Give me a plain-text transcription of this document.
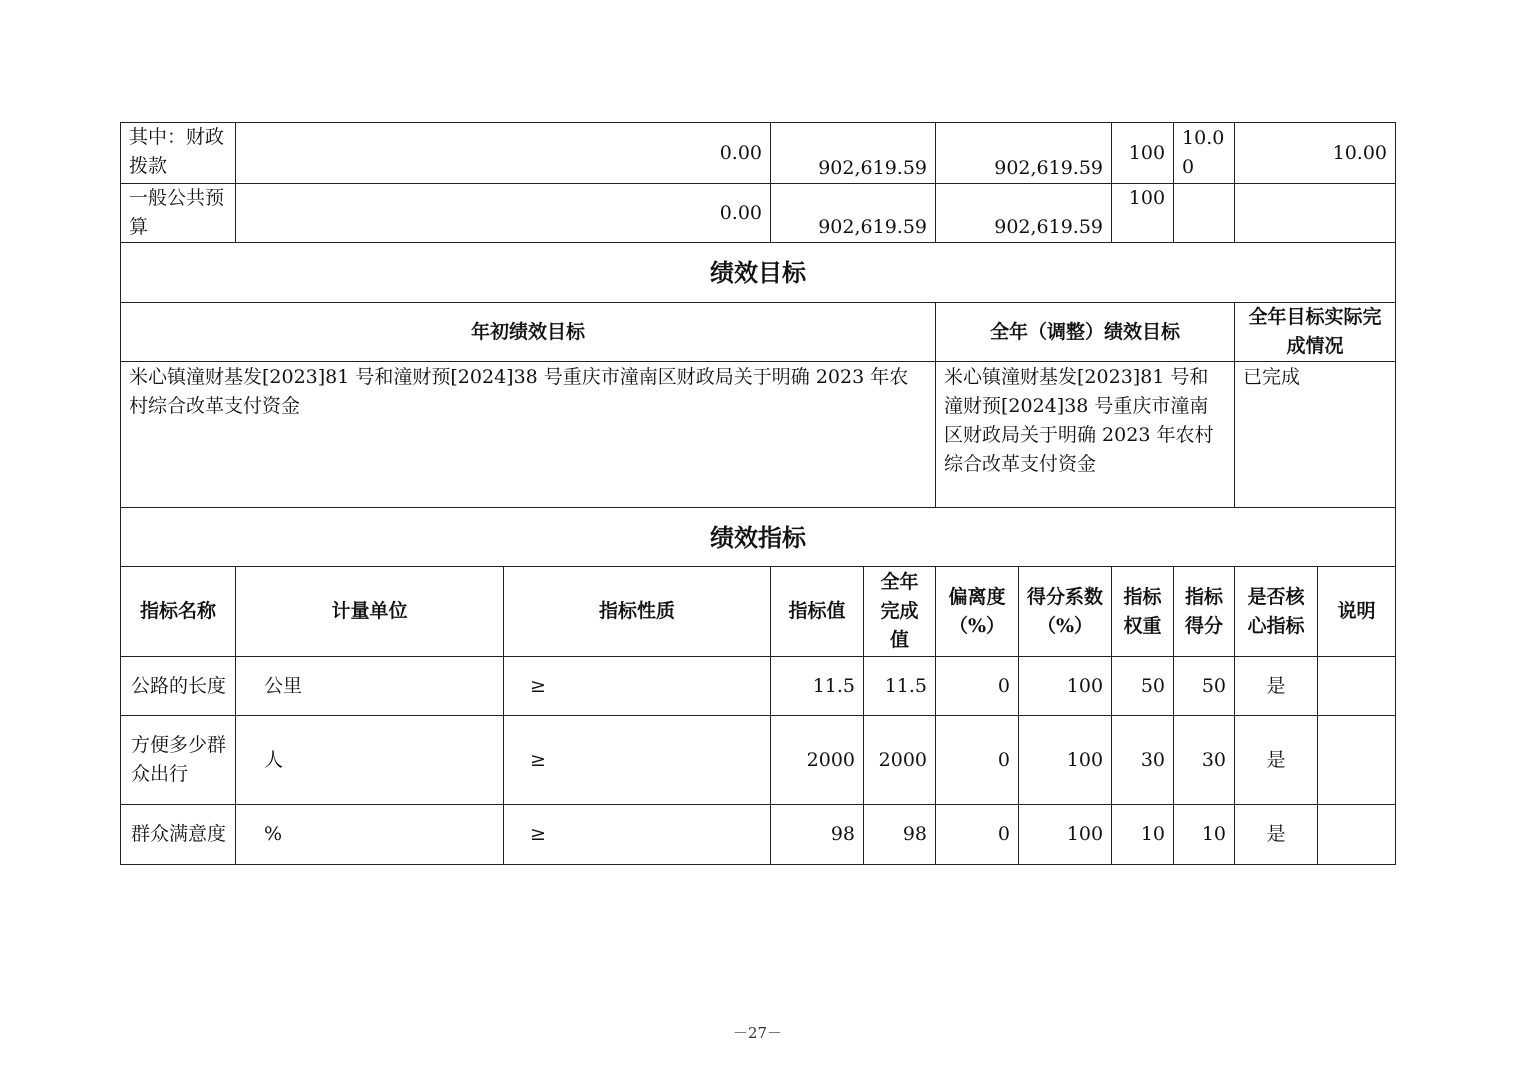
其中：财政拨款	0.00		902,619.59		902,619.59		100	10.00	10.00	
一般公共预算	0.00		902,619.59		902,619.59		100			
绩效目标										
年初绩效目标					全年（调整）绩效目标				全年目标实际完成情况	
米心镇潼财基发[2023]81 号和潼财预[2024]38 号重庆市潼南区财政局关于明确 2023 年农村综合改革支付资金					米心镇潼财基发[2023]81 号和潼财预[2024]38 号重庆市潼南区财政局关于明确 2023 年农村综合改革支付资金				已完成	
绩效指标										
指标名称	计量单位	指标性质	指标值	全年完成值	偏离度（%）	得分系数（%）	指标权重	指标得分	是否核心指标	说明
公路的长度	公里	≥	11.5	11.5	0	100	50	50	是	
方便多少群众出行	人	≥	2000	2000	0	100	30	30	是	
群众满意度	%	≥	98	98	0	100	10	10	是	
－27－
